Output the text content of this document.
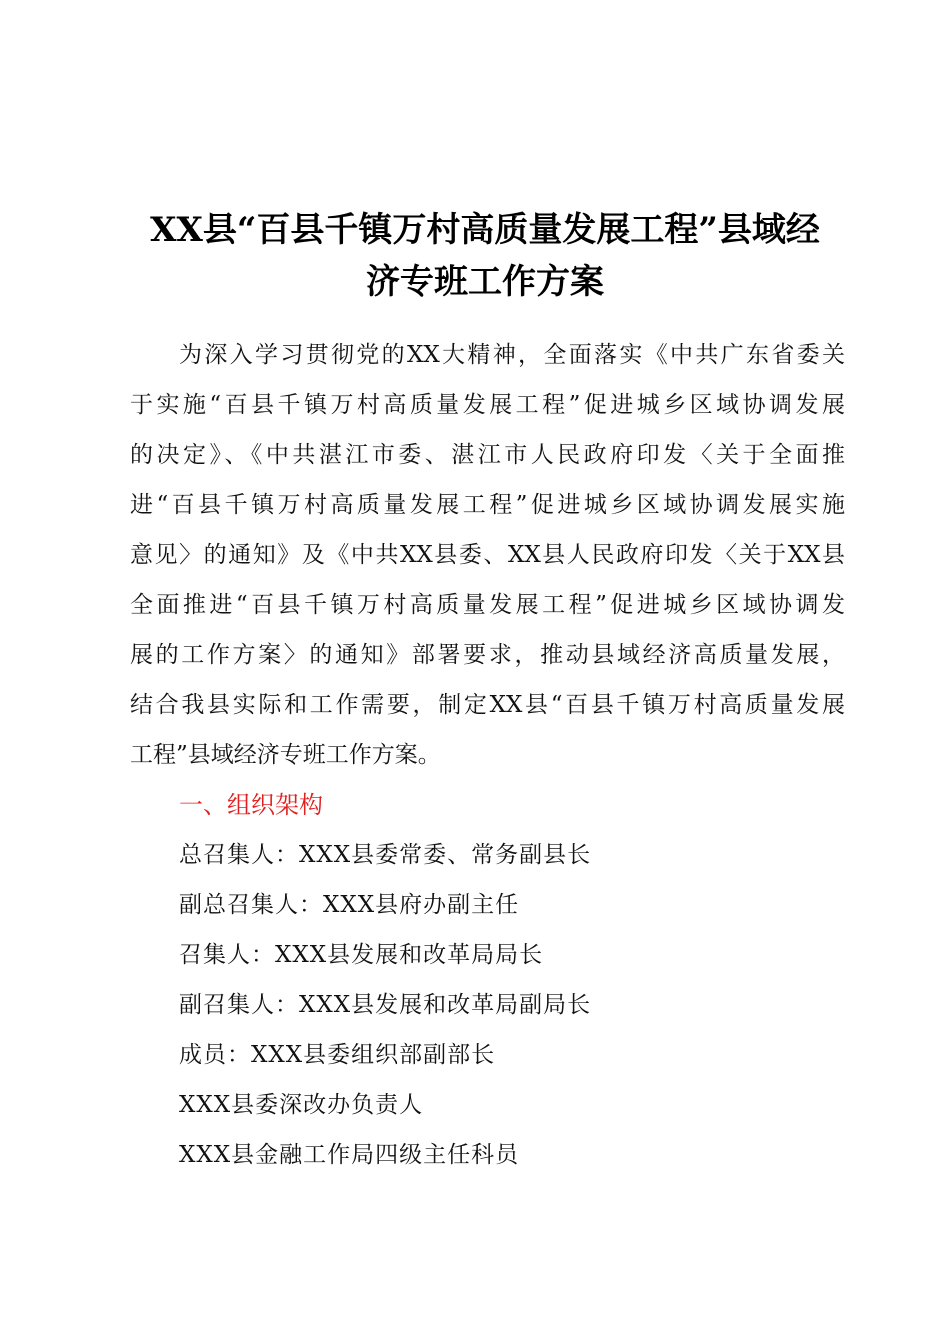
XX县“百县千镇万村高质量发展工程”县域经
济专班工作方案
为深入学习贯彻党的XX大精神，全面落实《中共广东省委关
于实施“百县千镇万村高质量发展工程”促进城乡区域协调发展
的决定》、《中共湛江市委、湛江市人民政府印发〈关于全面推
进“百县千镇万村高质量发展工程”促进城乡区域协调发展实施
意见〉的通知》及《中共XX县委、XX县人民政府印发〈关于XX县
全面推进“百县千镇万村高质量发展工程”促进城乡区域协调发
展的工作方案〉的通知》部署要求，推动县域经济高质量发展，
结合我县实际和工作需要，制定XX县“百县千镇万村高质量发展
工程”县域经济专班工作方案。
一、组织架构
总召集人：XXX县委常委、常务副县长
副总召集人：XXX县府办副主任
召集人：XXX县发展和改革局局长
副召集人：XXX县发展和改革局副局长
成员：XXX县委组织部副部长
XXX县委深改办负责人
XXX县金融工作局四级主任科员
